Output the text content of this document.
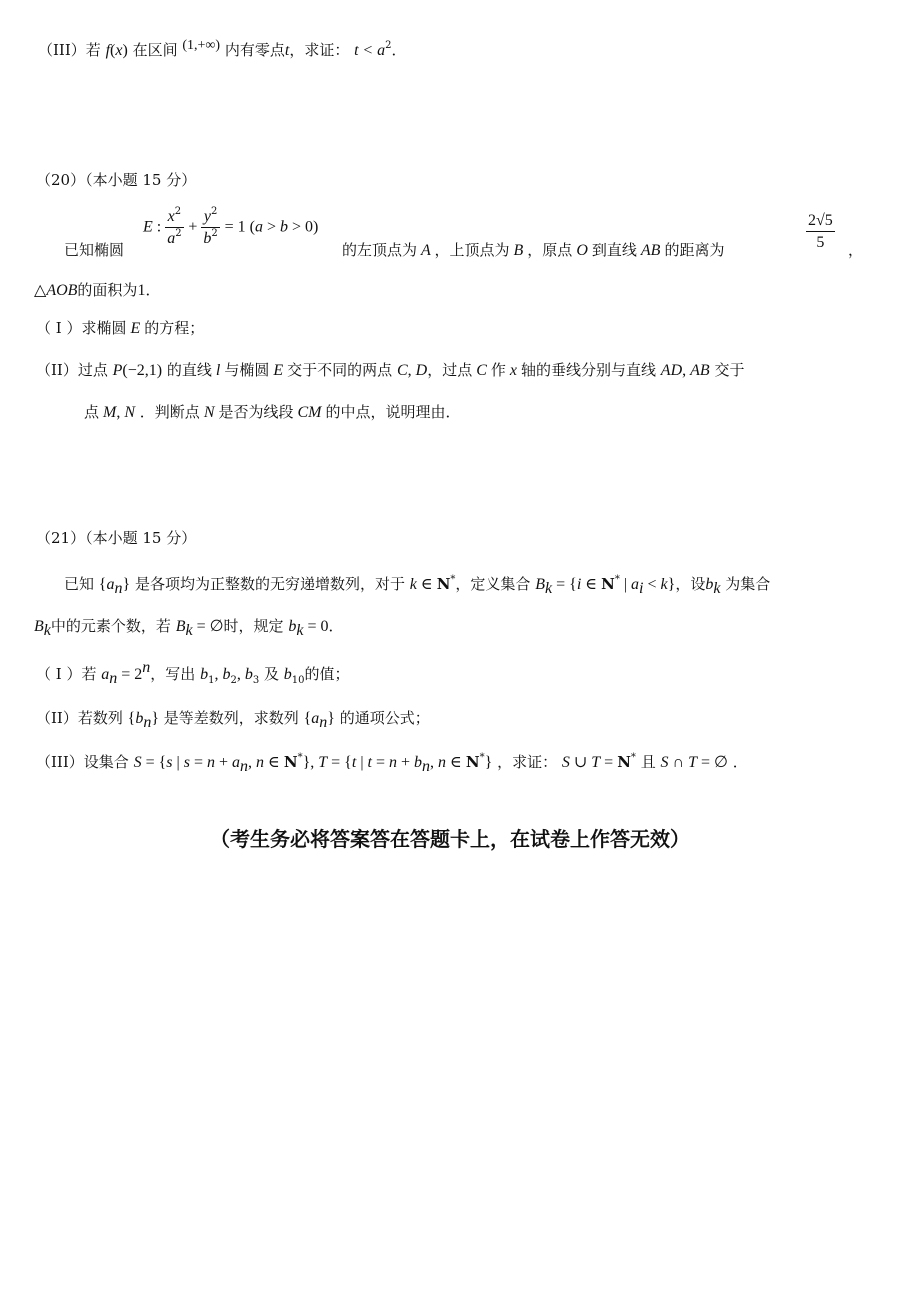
（III）若 f(x) 在区间 $^{(1,+\infty)}$ 内有零点t，求证： $t < a^2$．
（20）（本小题 15 分）
E : $\frac{x^2}{a^2} + \frac{y^2}{b^2} = 1$ (a > b > 0)
已知椭圆	的左顶点为 A ，上顶点为 B ，原点 O 到直线 AB 的距离为	$\frac{2√5}{5}$ ，
△AOB的面积为1．
（ I ）求椭圆 E 的方程；
（II）过点 P(−2,1) 的直线 l 与椭圆 E 交于不同的两点 C, D，过点 C 作 x 轴的垂线分别与直线 AD, AB 交于
点 M, N ．判断点 N 是否为线段 CM 的中点，说明理由．
（21）（本小题 15 分）
已知 $\{a_n\}$ 是各项均为正整数的无穷递增数列，对于 k ∈ N*，定义集合 $B_k = \{i$ ∈ N* | $a_i < k$}，设$b_k$ 为集合
$B_k$中的元素个数，若 $B_k$ = ∅时，规定 $b_k = 0$．
（ I ）若 $a_n = 2^n$，写出 $b_1$, $b_2$, $b_3$ 及 $b_{10}$的值；
（II）若数列 $\{b_n\}$ 是等差数列，求数列 $\{a_n\}$ 的通项公式；
（III）设集合 S = {s | $s = n + a_n$, n ∈ N*}, T = {t | $t = n + b_n$, n ∈ N*} ，求证： S ∪ T = N* 且 S ∩ T = ∅ ．
（考生务必将答案答在答题卡上，在试卷上作答无效）
